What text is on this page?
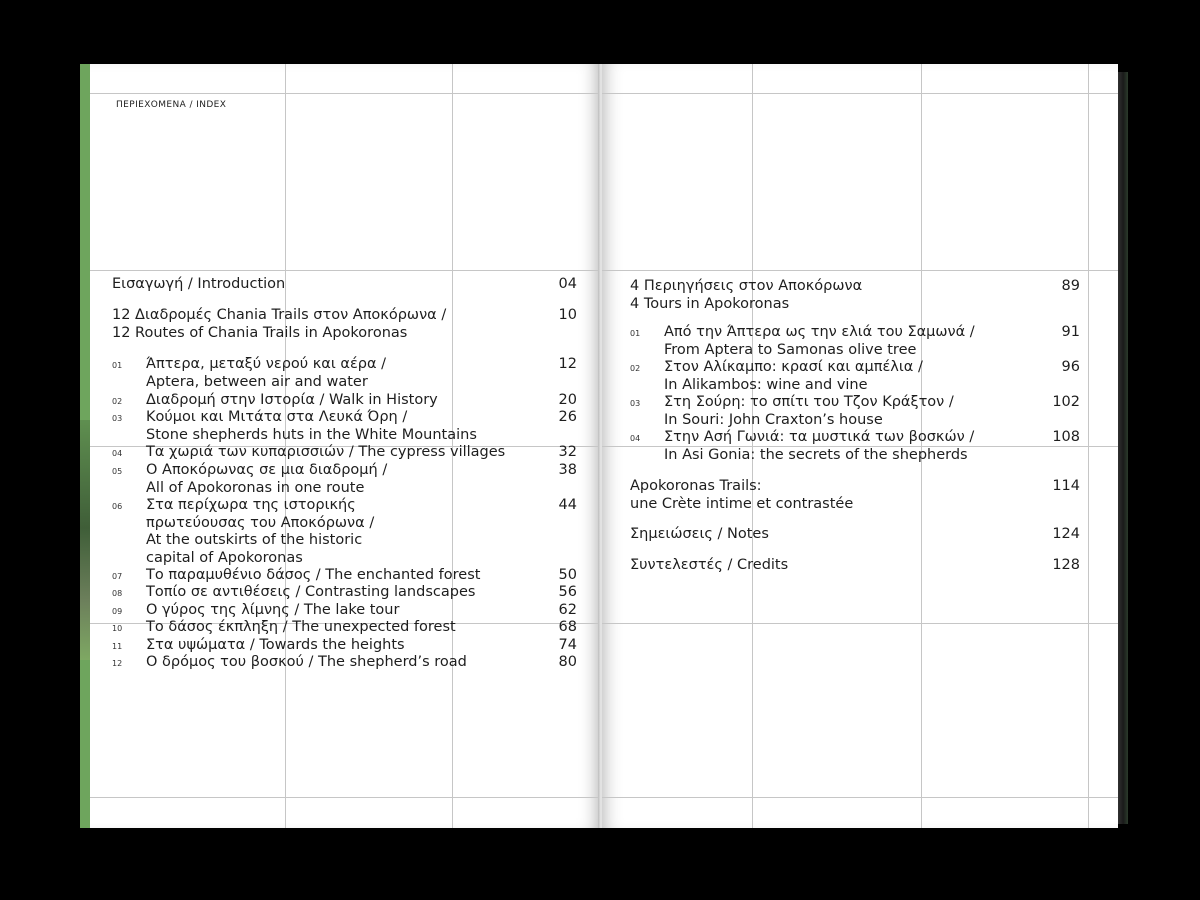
ΠΕΡΙΕΧΟΜΕΝΑ / INDEX
Εισαγωγή / Introduction	04
12 Διαδρομές Chania Trails στον Αποκόρωνα /
12 Routes of Chania Trails in Apokoronas
10
01 Άπτερα, μεταξύ νερού και αέρα /
Aptera, between air and water
12
02 Διαδρομή στην Ιστορία / Walk in History	20
03 Κούμοι και Μιτάτα στα Λευκά Όρη /
Stone shepherds huts in the White Mountains
26
04 Τα χωριά των κυπαρισσιών / The cypress villages	32
05 Ο Αποκόρωνας σε μια διαδρομή /
All of Apokoronas in one route
38
06 Στα περίχωρα της ιστορικής
πρωτεύουσας του Αποκόρωνα /
At the outskirts of the historic
capital of Apokoronas
44
07 Το παραμυθένιο δάσος / The enchanted forest	50
08 Τοπίο σε αντιθέσεις / Contrasting landscapes	56
09 Ο γύρος της λίμνης / The lake tour	62
10 Το δάσος έκπληξη / The unexpected forest	68
11 Στα υψώματα / Towards the heights	74
12 Ο δρόμος του βοσκού / The shepherd’s road	80
4 Περιηγήσεις στον Αποκόρωνα
4 Tours in Apokoronas
89
01 Από την Άπτερα ως την ελιά του Σαμωνά /
From Aptera to Samonas olive tree
91
02 Στον Αλίκαμπο: κρασί και αμπέλια /
In Alikambos: wine and vine
96
03 Στη Σούρη: το σπίτι του Τζον Κράξτον /
In Souri: John Craxton’s house
102
04 Στην Ασή Γωνιά: τα μυστικά των βοσκών /
In Asi Gonia: the secrets of the shepherds
108
Apokoronas Trails:
une Crète intime et contrastée
114
Σημειώσεις / Notes	124
Συντελεστές / Credits	128
